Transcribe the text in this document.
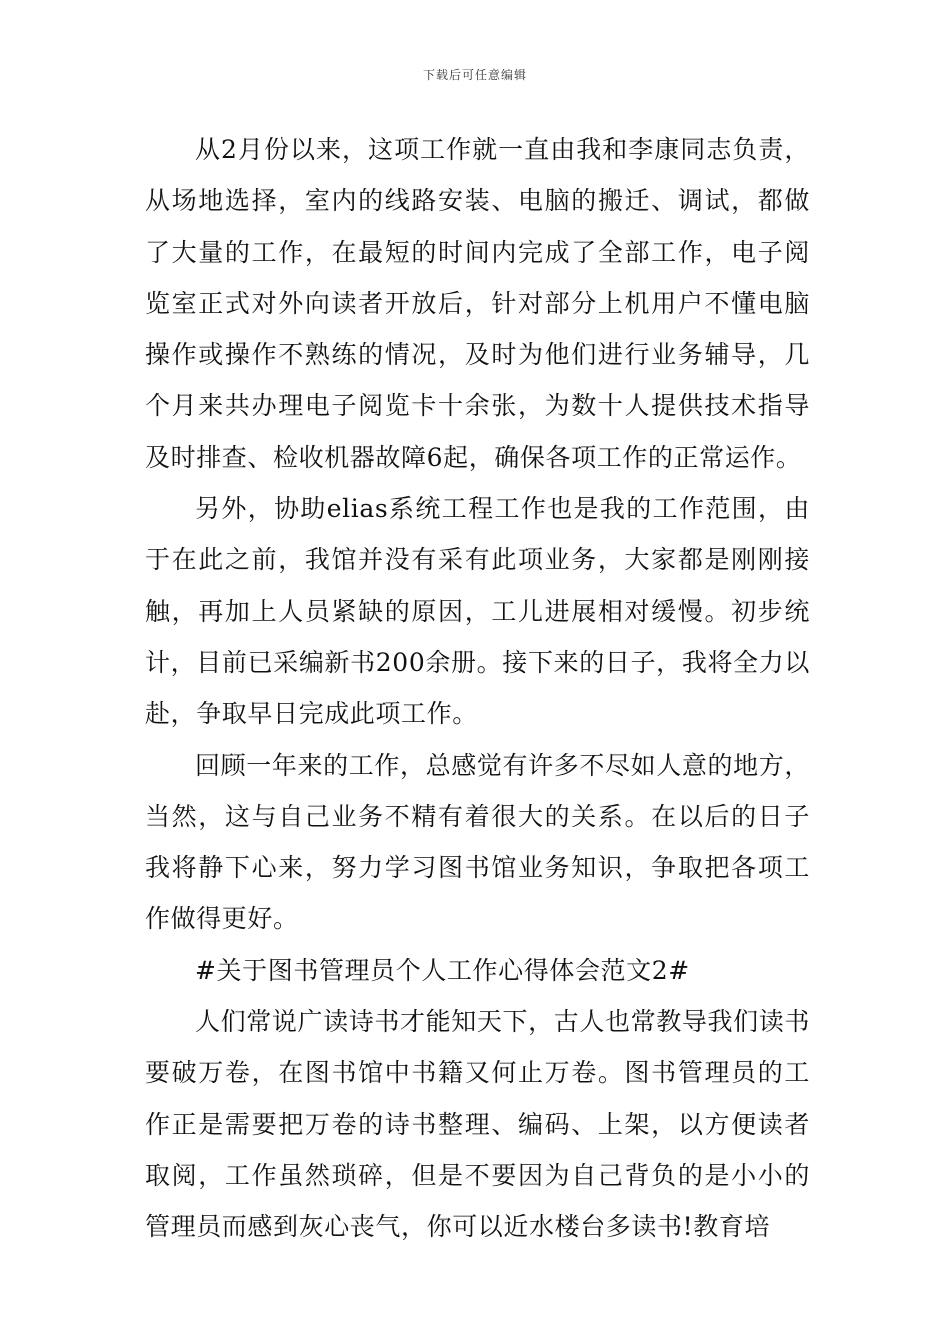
下载后可任意编辑

从2月份以来，这项工作就一直由我和李康同志负责，从场地选择，室内的线路安装、电脑的搬迁、调试，都做了大量的工作，在最短的时间内完成了全部工作，电子阅览室正式对外向读者开放后，针对部分上机用户不懂电脑操作或操作不熟练的情况，及时为他们进行业务辅导，几个月来共办理电子阅览卡十余张，为数十人提供技术指导及时排查、检收机器故障6起，确保各项工作的正常运作。

另外，协助elias系统工程工作也是我的工作范围，由于在此之前，我馆并没有采有此项业务，大家都是刚刚接触，再加上人员紧缺的原因，工儿进展相对缓慢。初步统计，目前已采编新书200余册。接下来的日子，我将全力以赴，争取早日完成此项工作。

回顾一年来的工作，总感觉有许多不尽如人意的地方，当然，这与自己业务不精有着很大的关系。在以后的日子我将静下心来，努力学习图书馆业务知识，争取把各项工作做得更好。

#关于图书管理员个人工作心得体会范文2#

人们常说广读诗书才能知天下，古人也常教导我们读书要破万卷，在图书馆中书籍又何止万卷。图书管理员的工作正是需要把万卷的诗书整理、编码、上架，以方便读者取阅，工作虽然琐碎，但是不要因为自己背负的是小小的管理员而感到灰心丧气，你可以近水楼台多读书!教育培
